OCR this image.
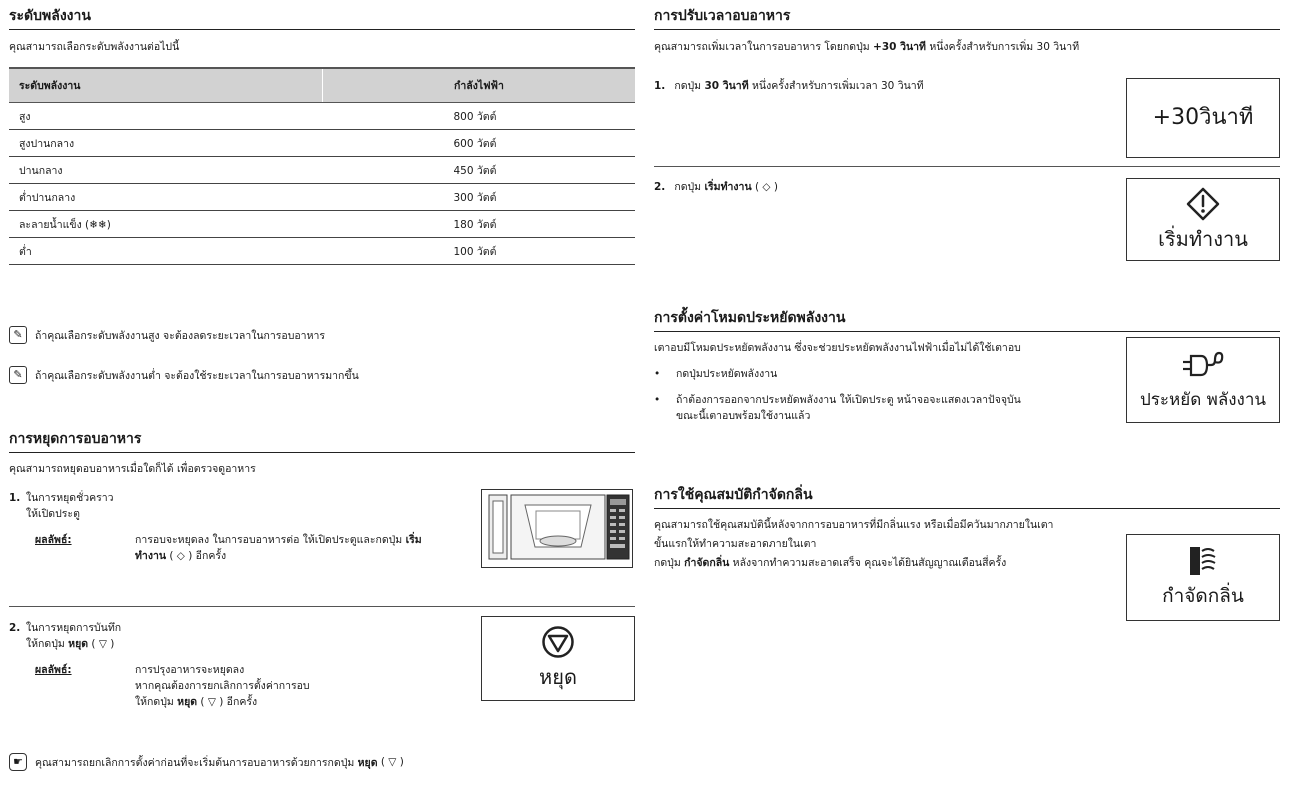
ระดับพลังงาน

คุณสามารถเลือกระดับพลังงานต่อไปนี้

ระดับพลังงาน	กำลังไฟฟ้า
สูง	800 วัตต์
สูงปานกลาง	600 วัตต์
ปานกลาง	450 วัตต์
ต่ำปานกลาง	300 วัตต์
ละลายน้ำแข็ง (❄❄)	180 วัตต์
ต่ำ	100 วัตต์
✎	ถ้าคุณเลือกระดับพลังงานสูง จะต้องลดระยะเวลาในการอบอาหาร
✎	ถ้าคุณเลือกระดับพลังงานต่ำ จะต้องใช้ระยะเวลาในการอบอาหารมากขึ้น
การหยุดการอบอาหาร

คุณสามารถหยุดอบอาหารเมื่อใดก็ได้ เพื่อตรวจดูอาหาร

1. ในการหยุดชั่วคราว
ให้เปิดประตู
ผลลัพธ์:	การอบจะหยุดลง ในการอบอาหารต่อ ให้เปิดประตูและกดปุ่ม เริ่ม
ทำงาน ( ◇ ) อีกครั้ง
2. ในการหยุดการบันทึก
ให้กดปุ่ม หยุด ( ▽ )
ผลลัพธ์:	การปรุงอาหารจะหยุดลง
หากคุณต้องการยกเลิกการตั้งค่าการอบ
ให้กดปุ่ม หยุด ( ▽ ) อีกครั้ง
หยุด
☛	คุณสามารถยกเลิกการตั้งค่าก่อนที่จะเริ่มต้นการอบอาหารด้วยการกดปุ่ม
หยุด
( ▽ )
การปรับเวลาอบอาหาร

คุณสามารถเพิ่มเวลาในการอบอาหาร โดยกดปุ่ม +30 วินาที หนึ่งครั้งสำหรับการเพิ่ม 30 วินาที

1. กดปุ่ม 30 วินาที หนึ่งครั้งสำหรับการเพิ่มเวลา 30 วินาที
+30วินาที
2. กดปุ่ม เริ่มทำงาน ( ◇ )
เริ่มทำงาน
การตั้งค่าโหมดประหยัดพลังงาน

เตาอบมีโหมดประหยัดพลังงาน ซึ่งจะช่วยประหยัดพลังงานไฟฟ้าเมื่อไม่ได้ใช้เตาอบ

• กดปุ่มประหยัดพลังงาน
• ถ้าต้องการออกจากประหยัดพลังงาน ให้เปิดประตู หน้าจอจะแสดงเวลาปัจจุบัน
ขณะนี้เตาอบพร้อมใช้งานแล้ว
ประหยัด พลังงาน
การใช้คุณสมบัติกำจัดกลิ่น

คุณสามารถใช้คุณสมบัตินี้หลังจากการอบอาหารที่มีกลิ่นแรง หรือเมื่อมีควันมากภายในเตา

ขั้นแรกให้ทำความสะอาดภายในเตา

กดปุ่ม กำจัดกลิ่น หลังจากทำความสะอาดเสร็จ คุณจะได้ยินสัญญาณเตือนสี่ครั้ง

กำจัดกลิ่น
